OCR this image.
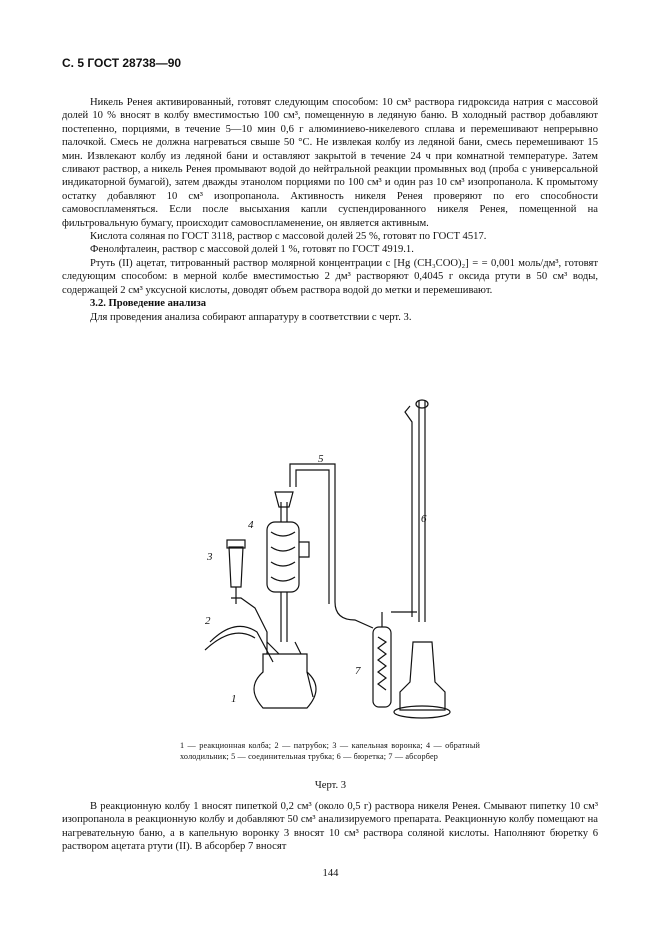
С. 5 ГОСТ 28738—90

Никель Ренея активированный, готовят следующим способом: 10 см³ раствора гидроксида натрия с массовой долей 10 % вносят в колбу вместимостью 100 см³, помещенную в ледяную баню. В холодный раствор добавляют постепенно, порциями, в течение 5—10 мин 0,6 г алюминиево-никелевого сплава и перемешивают непрерывно палочкой. Смесь не должна нагреваться свыше 50 °С. Не извлекая колбу из ледяной бани, смесь перемешивают 15 мин. Извлекают колбу из ледяной бани и оставляют закрытой в течение 24 ч при комнатной температуре. Затем сливают раствор, а никель Ренея промывают водой до нейтральной реакции промывных вод (проба с универсальной индикаторной бумагой), затем дважды этанолом порциями по 100 см³ и один раз 10 см³ изопропанола. К промытому остатку добавляют 10 см³ изопропанола. Активность никеля Ренея проверяют по его способности самовоспламеняться. Если после высыхания капли суспендированного никеля Ренея, помещенной на фильтровальную бумагу, происходит самовоспламенение, он является активным.

Кислота соляная по ГОСТ 3118, раствор с массовой долей 25 %, готовят по ГОСТ 4517.

Фенолфталеин, раствор с массовой долей 1 %, готовят по ГОСТ 4919.1.

Ртуть (II) ацетат, титрованный раствор молярной концентрации c [Hg (CH₃COO)₂] = = 0,001 моль/дм³, готовят следующим способом: в мерной колбе вместимостью 2 дм³ растворяют 0,4045 г оксида ртути в 50 см³ воды, содержащей 2 см³ уксусной кислоты, доводят объем раствора водой до метки и перемешивают.

3.2. Проведение анализа

Для проведения анализа собирают аппаратуру в соответствии с черт. 3.

6
5
4
3
2
1
7
1 — реакционная колба; 2 — патрубок; 3 — капельная воронка; 4 — обратный холодильник; 5 — соединительная трубка; 6 — бюретка; 7 — абсорбер
Черт. 3

В реакционную колбу 1 вносят пипеткой 0,2 см³ (около 0,5 г) раствора никеля Ренея. Смывают пипетку 10 см³ изопропанола в реакционную колбу и добавляют 50 см³ анализируемого препарата. Реакционную колбу помещают на нагревательную баню, а в капельную воронку 3 вносят 10 см³ раствора соляной кислоты. Наполняют бюретку 6 раствором ацетата ртути (II). В абсорбер 7 вносят

144
